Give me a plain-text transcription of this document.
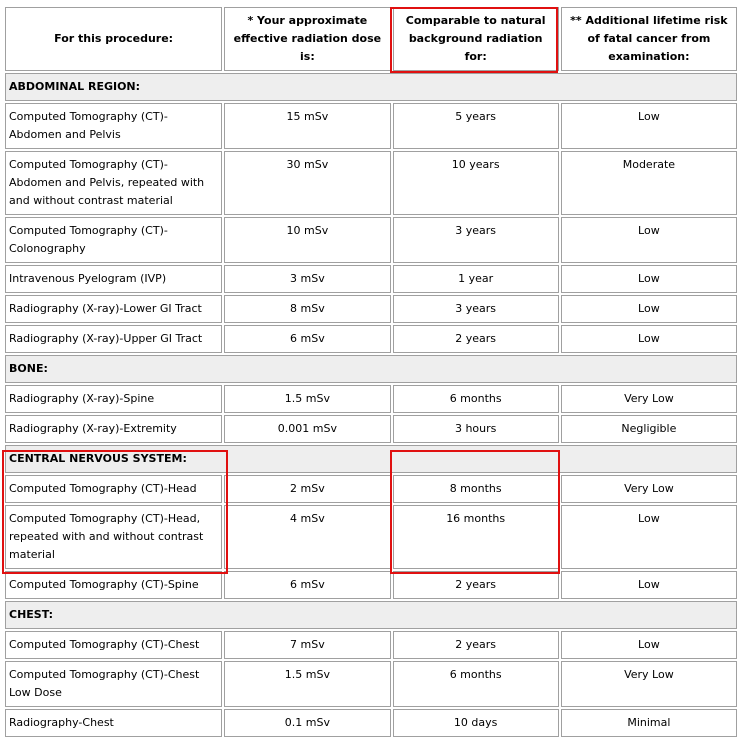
For this procedure:	* Your approximate effective radiation dose is:	Comparable to natural background radiation for:	** Additional lifetime risk of fatal cancer from examination:
ABDOMINAL REGION:			
Computed Tomography (CT)-Abdomen and Pelvis	15 mSv	5 years	Low
Computed Tomography (CT)-Abdomen and Pelvis, repeated with and without contrast material	30 mSv	10 years	Moderate
Computed Tomography (CT)-Colonography	10 mSv	3 years	Low
Intravenous Pyelogram (IVP)	3 mSv	1 year	Low
Radiography (X-ray)-Lower GI Tract	8 mSv	3 years	Low
Radiography (X-ray)-Upper GI Tract	6 mSv	2 years	Low
BONE:			
Radiography (X-ray)-Spine	1.5 mSv	6 months	Very Low
Radiography (X-ray)-Extremity	0.001 mSv	3 hours	Negligible
CENTRAL NERVOUS SYSTEM:			
Computed Tomography (CT)-Head	2 mSv	8 months	Very Low
Computed Tomography (CT)-Head, repeated with and without contrast material	4 mSv	16 months	Low
Computed Tomography (CT)-Spine	6 mSv	2 years	Low
CHEST:			
Computed Tomography (CT)-Chest	7 mSv	2 years	Low
Computed Tomography (CT)-Chest Low Dose	1.5 mSv	6 months	Very Low
Radiography-Chest	0.1 mSv	10 days	Minimal
